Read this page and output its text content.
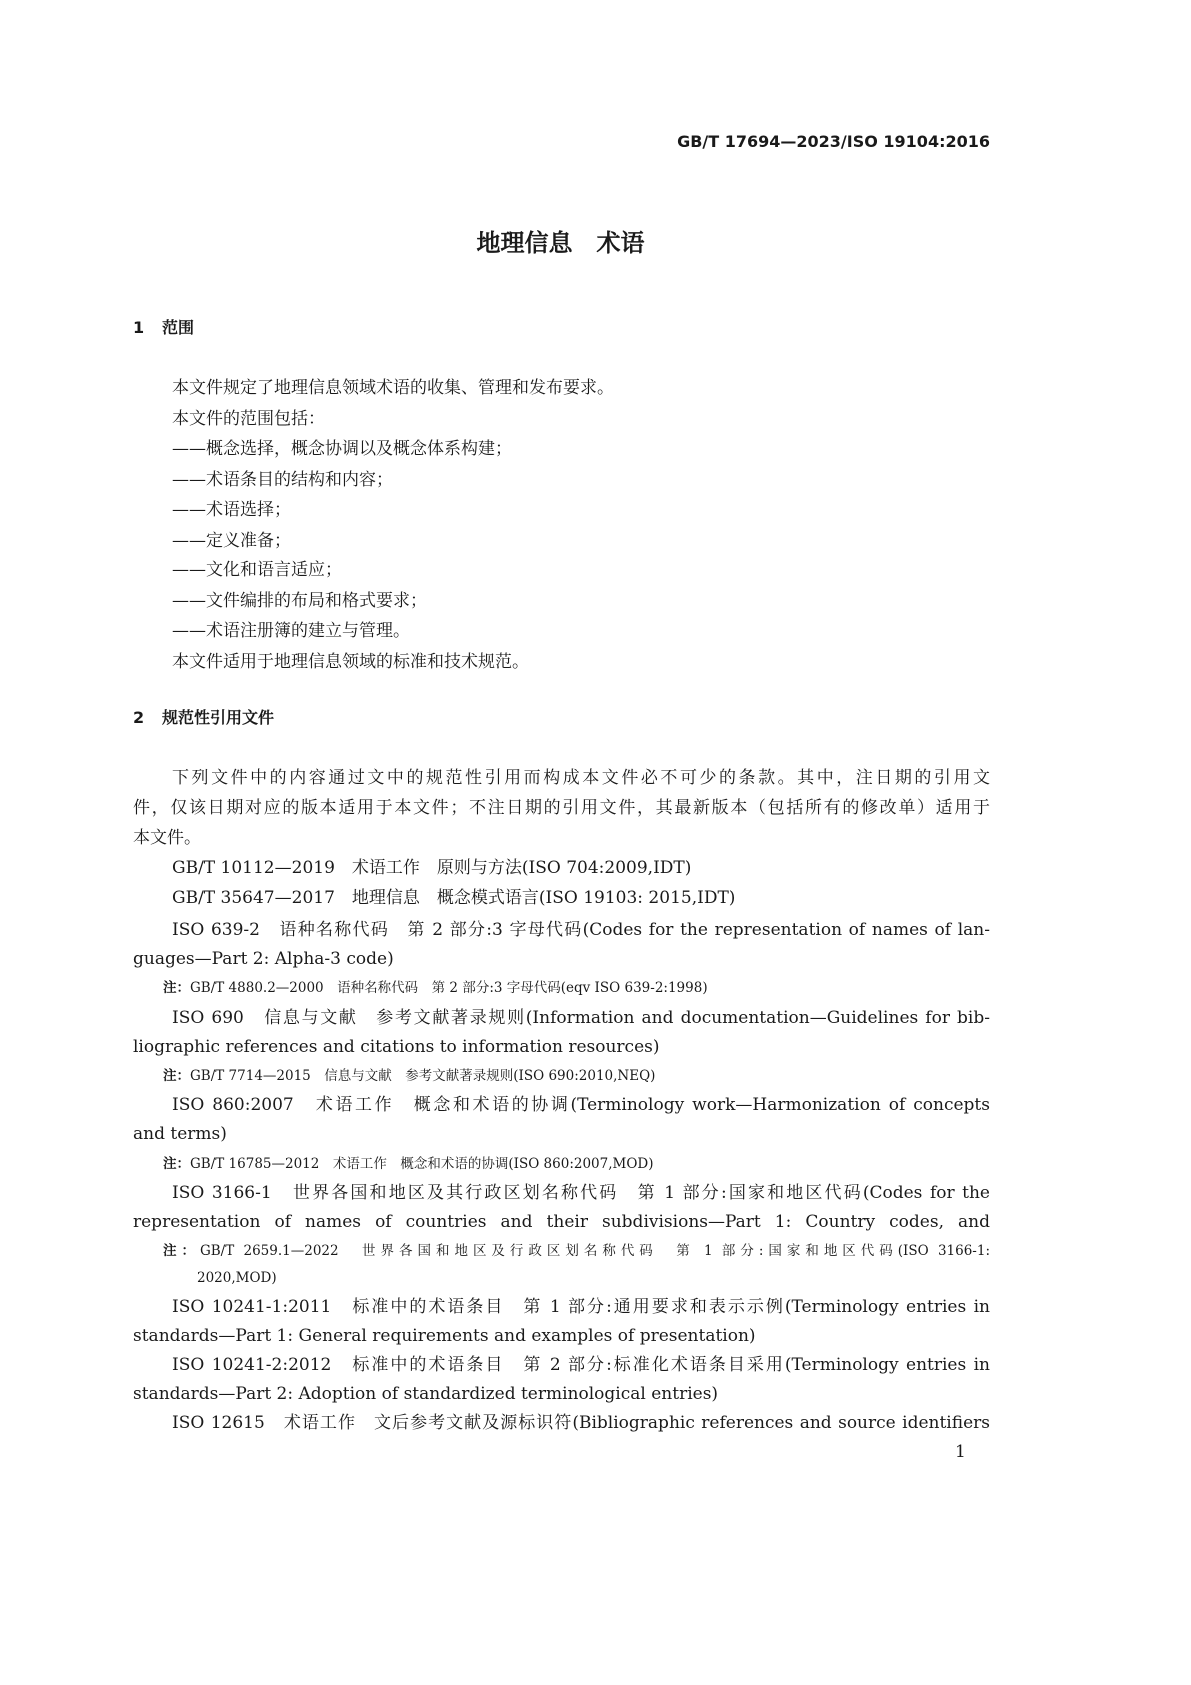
GB/T 17694—2023/ISO 19104:2016
地理信息　术语
1 范围
本文件规定了地理信息领域术语的收集、管理和发布要求。
本文件的范围包括：
——概念选择，概念协调以及概念体系构建；
——术语条目的结构和内容；
——术语选择；
——定义准备；
——文化和语言适应；
——文件编排的布局和格式要求；
——术语注册簿的建立与管理。
本文件适用于地理信息领域的标准和技术规范。
2 规范性引用文件
下列文件中的内容通过文中的规范性引用而构成本文件必不可少的条款。其中，注日期的引用文
件，仅该日期对应的版本适用于本文件；不注日期的引用文件，其最新版本（包括所有的修改单）适用于
本文件。
GB/T 10112—2019　术语工作　原则与方法(ISO 704:2009,IDT)
GB/T 35647—2017　地理信息　概念模式语言(ISO 19103: 2015,IDT)
ISO 639-2　语种名称代码　第 2 部分:3 字母代码(Codes for the representation of names of lan-
guages—Part 2: Alpha-3 code)
注：GB/T 4880.2—2000　语种名称代码　第 2 部分:3 字母代码(eqv ISO 639-2:1998)
ISO 690　信息与文献　参考文献著录规则(Information and documentation—Guidelines for bib-
liographic references and citations to information resources)
注：GB/T 7714—2015　信息与文献　参考文献著录规则(ISO 690:2010,NEQ)
ISO 860:2007　术语工作　概念和术语的协调(Terminology work—Harmonization of concepts
and terms)
注：GB/T 16785—2012　术语工作　概念和术语的协调(ISO 860:2007,MOD)
ISO 3166-1　世界各国和地区及其行政区划名称代码　第 1 部分:国家和地区代码(Codes for the
representation of names of countries and their subdivisions—Part 1: Country codes, and
注：GB/T 2659.1—2022　世界各国和地区及行政区划名称代码　第 1 部分:国家和地区代码(ISO 3166-1:
2020,MOD)
ISO 10241-1:2011　标准中的术语条目　第 1 部分:通用要求和表示示例(Terminology entries in
standards—Part 1: General requirements and examples of presentation)
ISO 10241-2:2012　标准中的术语条目　第 2 部分:标准化术语条目采用(Terminology entries in
standards—Part 2: Adoption of standardized terminological entries)
ISO 12615　术语工作　文后参考文献及源标识符(Bibliographic references and source identifiers
1
